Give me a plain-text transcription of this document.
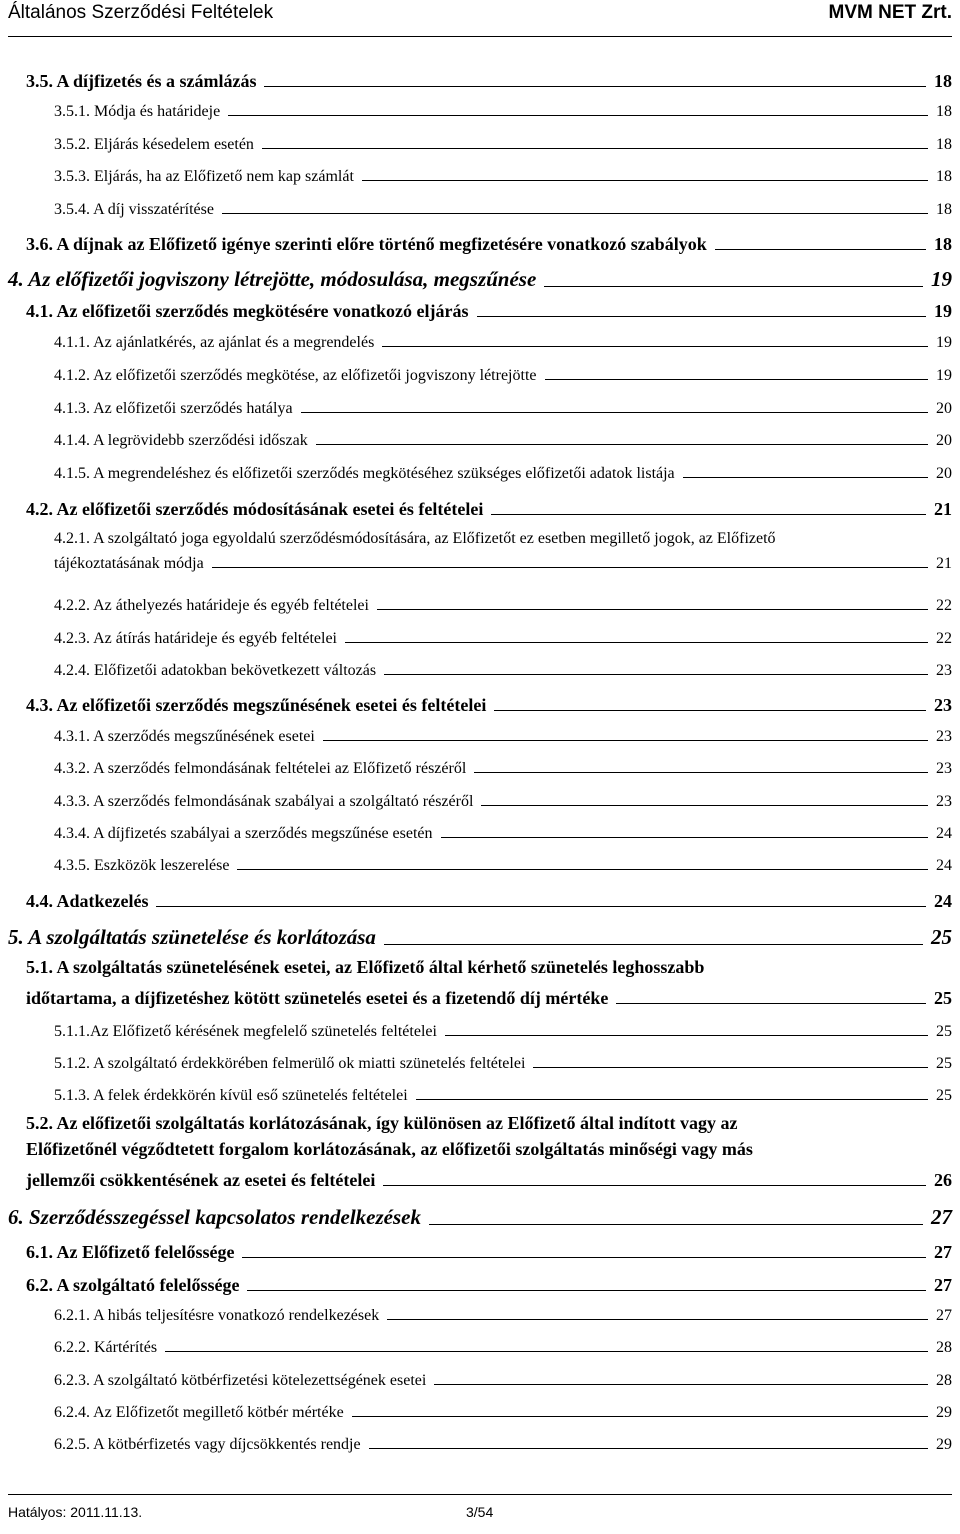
Általános Szerződési Feltételek	MVM NET Zrt.
3.5. A díjfizetés és a számlázás	18
3.5.1. Módja és határideje	18
3.5.2. Eljárás késedelem esetén	18
3.5.3. Eljárás, ha az Előfizető nem kap számlát	18
3.5.4. A díj visszatérítése	18
3.6. A díjnak az Előfizető igénye szerinti előre történő megfizetésére vonatkozó szabályok	18
4. Az előfizetői jogviszony létrejötte, módosulása, megszűnése	19
4.1. Az előfizetői szerződés megkötésére vonatkozó eljárás	19
4.1.1. Az ajánlatkérés, az ajánlat és a megrendelés	19
4.1.2. Az előfizetői szerződés megkötése, az előfizetői jogviszony létrejötte	19
4.1.3. Az előfizetői szerződés hatálya	20
4.1.4. A legrövidebb szerződési időszak	20
4.1.5. A megrendeléshez és előfizetői szerződés megkötéséhez szükséges előfizetői adatok listája	20
4.2. Az előfizetői szerződés módosításának esetei és feltételei	21
4.2.1. A szolgáltató joga egyoldalú szerződésmódosítására, az Előfizetőt ez esetben megillető jogok, az Előfizető
tájékoztatásának módja	21
4.2.2. Az áthelyezés határideje és egyéb feltételei	22
4.2.3. Az átírás határideje és egyéb feltételei	22
4.2.4. Előfizetői adatokban bekövetkezett változás	23
4.3. Az előfizetői szerződés megszűnésének esetei és feltételei	23
4.3.1. A szerződés megszűnésének esetei	23
4.3.2. A szerződés felmondásának feltételei az Előfizető részéről	23
4.3.3. A szerződés felmondásának szabályai a szolgáltató részéről	23
4.3.4. A díjfizetés szabályai a szerződés megszűnése esetén	24
4.3.5. Eszközök leszerelése	24
4.4. Adatkezelés	24
5. A szolgáltatás szünetelése és korlátozása	25
5.1. A szolgáltatás szünetelésének esetei, az Előfizető által kérhető szünetelés leghosszabb
időtartama, a díjfizetéshez kötött szünetelés esetei és a fizetendő díj mértéke	25
5.1.1.Az Előfizető kérésének megfelelő szünetelés feltételei	25
5.1.2. A szolgáltató érdekkörében felmerülő ok miatti szünetelés feltételei	25
5.1.3. A felek érdekkörén kívül eső szünetelés feltételei	25
5.2. Az előfizetői szolgáltatás korlátozásának, így különösen az Előfizető által indított vagy az
Előfizetőnél végződtetett forgalom korlátozásának, az előfizetői szolgáltatás minőségi vagy más
jellemzői csökkentésének az esetei és feltételei	26
6. Szerződésszegéssel kapcsolatos rendelkezések	27
6.1. Az Előfizető felelőssége	27
6.2. A szolgáltató felelőssége	27
6.2.1. A hibás teljesítésre vonatkozó rendelkezések	27
6.2.2. Kártérítés	28
6.2.3. A szolgáltató kötbérfizetési kötelezettségének esetei	28
6.2.4. Az Előfizetőt megillető kötbér mértéke	29
6.2.5. A kötbérfizetés vagy díjcsökkentés rendje	29
Hatályos: 2011.11.13.	3/54
